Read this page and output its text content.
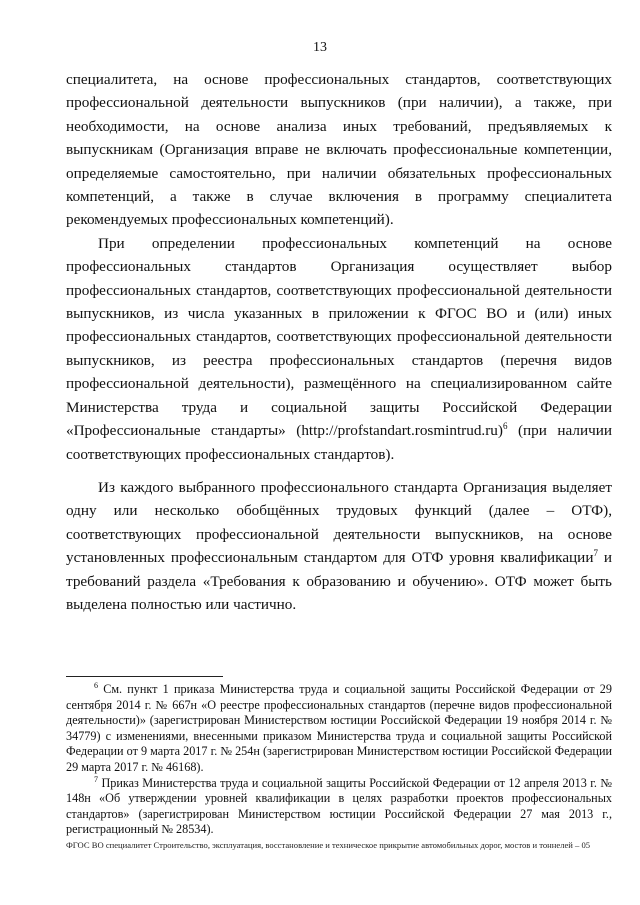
13

специалитета, на основе профессиональных стандартов, соответствующих профессиональной деятельности выпускников (при наличии), а также, при необходимости, на основе анализа иных требований, предъявляемых к выпускникам (Организация вправе не включать профессиональные компетенции, определяемые самостоятельно, при наличии обязательных профессиональных компетенций, а также в случае включения в программу специалитета рекомендуемых профессиональных компетенций).

При определении профессиональных компетенций на основе профессиональных стандартов Организация осуществляет выбор профессиональных стандартов, соответствующих профессиональной деятельности выпускников, из числа указанных в приложении к ФГОС ВО и (или) иных профессиональных стандартов, соответствующих профессиональной деятельности выпускников, из реестра профессиональных стандартов (перечня видов профессиональной деятельности), размещённого на специализированном сайте Министерства труда и социальной защиты Российской Федерации «Профессиональные стандарты» (http://profstandart.rosmintrud.ru)$^6$ (при наличии соответствующих профессиональных стандартов).

Из каждого выбранного профессионального стандарта Организация выделяет одну или несколько обобщённых трудовых функций (далее – ОТФ), соответствующих профессиональной деятельности выпускников, на основе установленных профессиональным стандартом для ОТФ уровня квалификации$^7$ и требований раздела «Требования к образованию и обучению». ОТФ может быть выделена полностью или частично.

$^6$ См. пункт 1 приказа Министерства труда и социальной защиты Российской Федерации от 29 сентября 2014 г. № 667н «О реестре профессиональных стандартов (перечне видов профессиональной деятельности)» (зарегистрирован Министерством юстиции Российской Федерации 19 ноября 2014 г. № 34779) с изменениями, внесенными приказом Министерства труда и социальной защиты Российской Федерации от 9 марта 2017 г. № 254н (зарегистрирован Министерством юстиции Российской Федерации 29 марта 2017 г. № 46168).

$^7$ Приказ Министерства труда и социальной защиты Российской Федерации от 12 апреля 2013 г. № 148н «Об утверждении уровней квалификации в целях разработки проектов профессиональных стандартов» (зарегистрирован Министерством юстиции Российской Федерации 27 мая 2013 г., регистрационный № 28534).

ФГОС ВО специалитет Строительство, эксплуатация, восстановление и техническое прикрытие автомобильных дорог, мостов и тоннелей – 05
